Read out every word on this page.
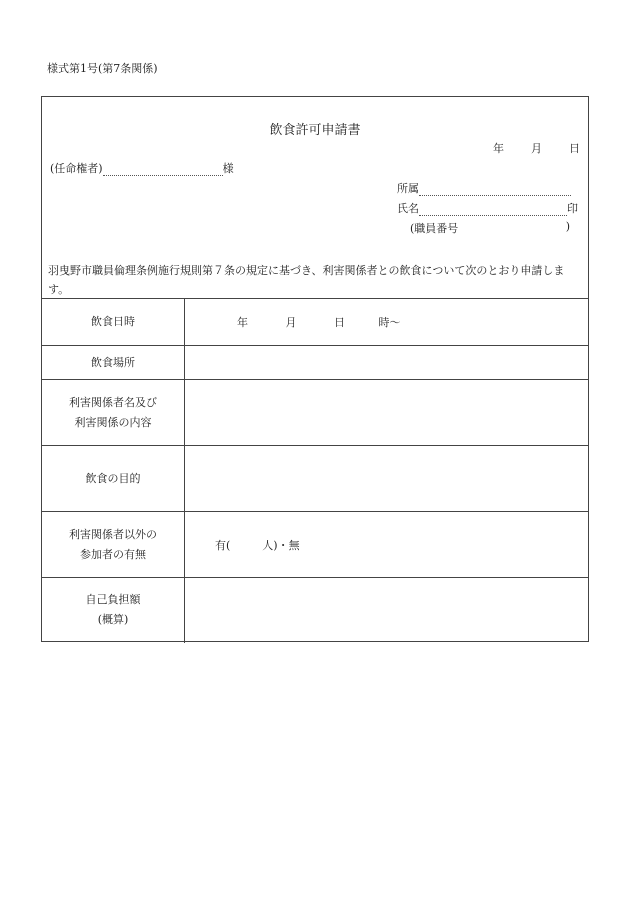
様式第1号(第7条関係)
飲食許可申請書
年 月 日
(任命権者)	様
所属
氏名	印
(職員番号	)
羽曳野市職員倫理条例施行規則第７条の規定に基づき、利害関係者との飲食について次のとおり申請します。
飲食日時	年 月 日 時～
飲食場所	
利害関係者名及び
利害関係の内容	
飲食の目的	
利害関係者以外の
参加者の有無	有( 人)・無
自己負担額
(概算)	
